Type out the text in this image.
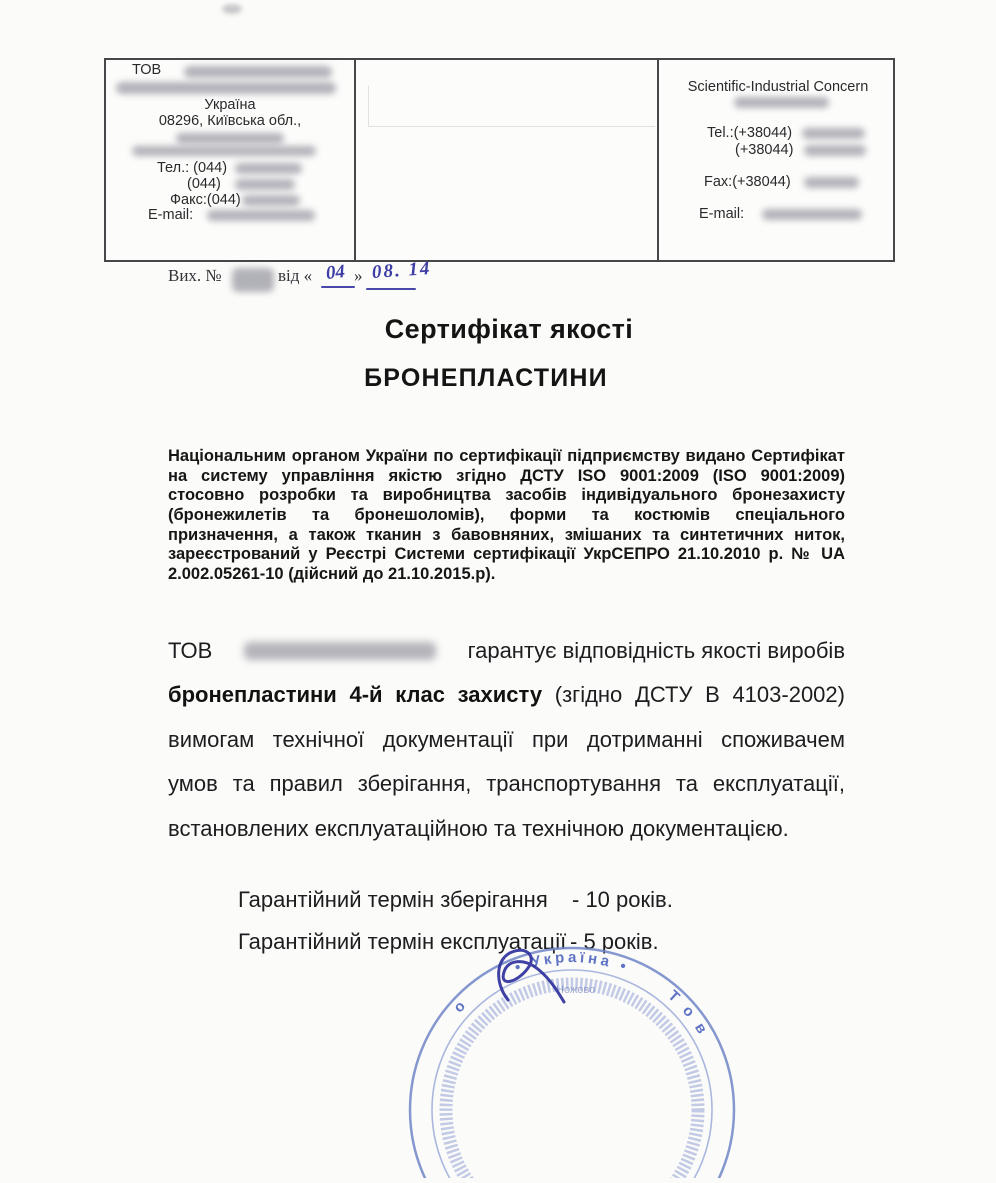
ТОВ
Україна
08296, Київська обл.,
Тел.: (044)
(044)
Факс:(044)
E-mail:
Scientific-Industrial Concern
Tel.:(+38044)
(+38044)
Fax:(+38044)
E-mail:
Вих. №	від « 04 » 08. 14
Сертифікат якості
БРОНЕПЛАСТИНИ
Національним органом України по сертифікації підприємству видано Сертифікат
на систему управління якістю згідно ДСТУ ISO 9001:2009 (ISO 9001:2009)
стосовно розробки та виробництва засобів індивідуального бронезахисту
(бронежилетів та бронешоломів), форми та костюмів спеціального
призначення, а також тканин з бавовняних, змішаних та синтетичних ниток,
зареєстрований у Реєстрі Системи сертифікації УкрСЕПРО 21.10.2010 р. № UA
2.002.05261-10 (дійсний до 21.10.2015.р).
ТОВ	гарантує відповідність якості виробів
бронепластини 4-й клас захисту (згідно ДСТУ В 4103-2002)
вимогам технічної документації при дотриманні споживачем
умов та правил зберігання, транспортування та експлуатації,
встановлених експлуатаційною та технічною документацією.
Гарантійний термін зберігання - 10 років.
Гарантійний термін експлуатації - 5 років.
о
• Україна •
Т о в
Ножово
